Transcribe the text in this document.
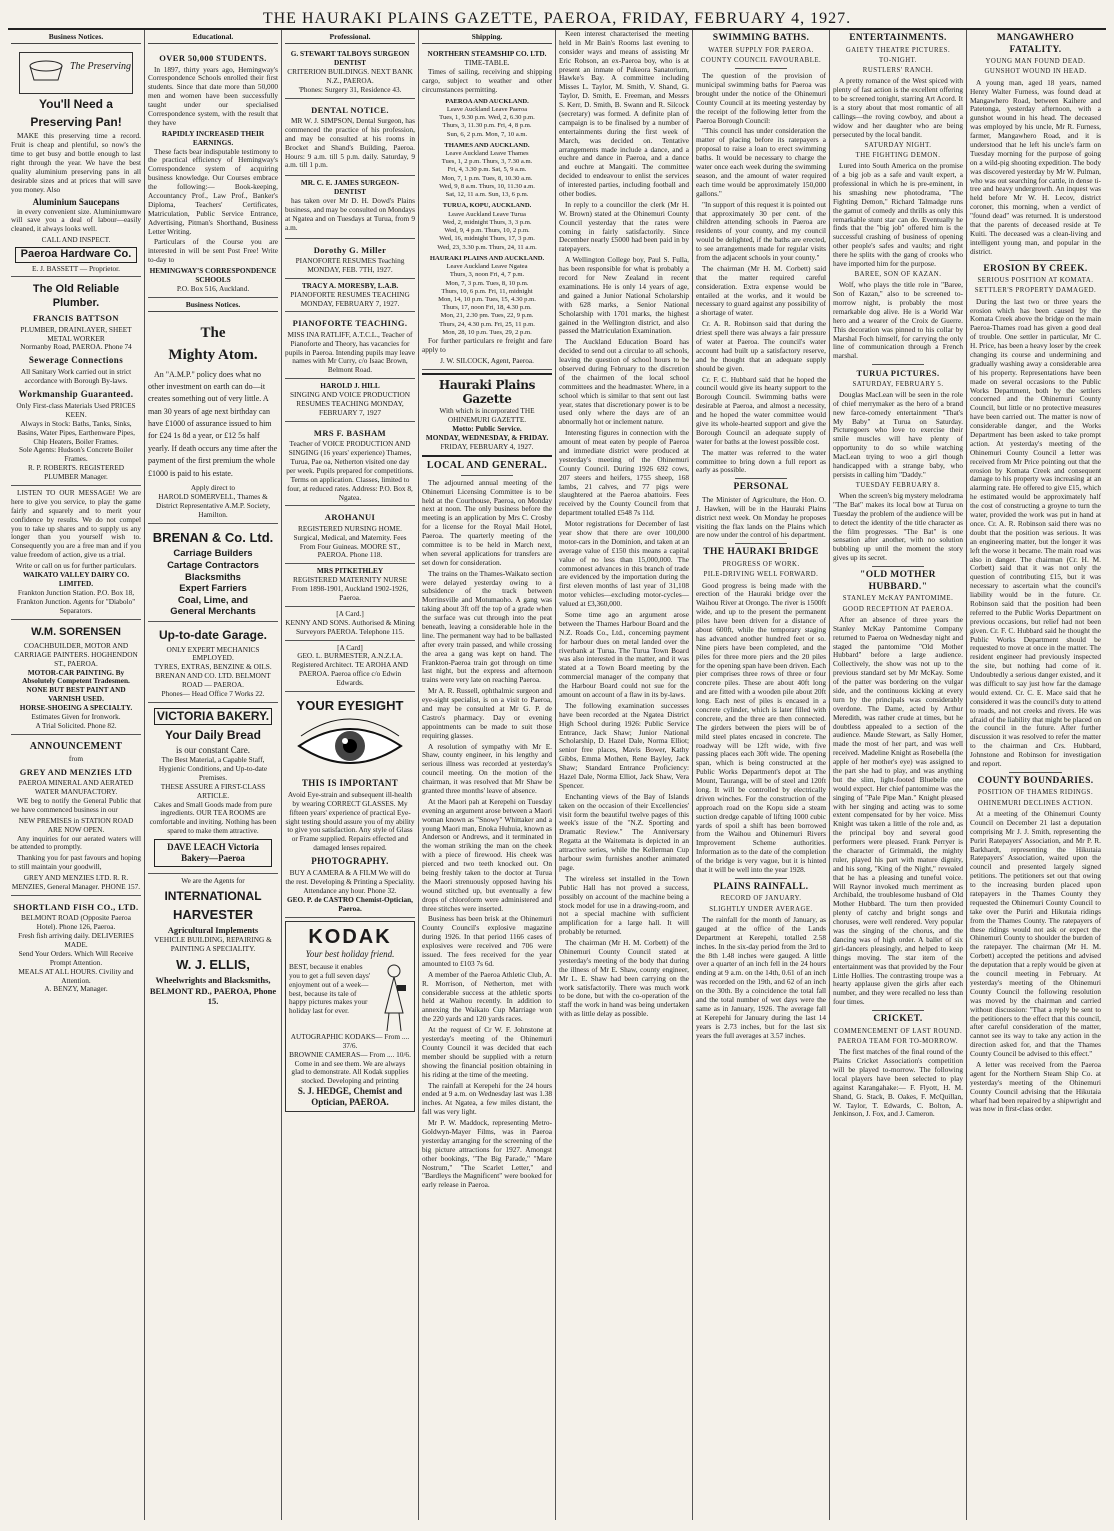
THE HAURAKI PLAINS GAZETTE, PAEROA, FRIDAY, FEBRUARY 4, 1927.
Business Notices.
The Preserving
You'll Need a
Preserving Pan!

MAKE this preserving time a record. Fruit is cheap and plentiful, so now's the time to get busy and bottle enough to last right through the year. We have the best quality aluminium preserving pans in all desirable sizes and at prices that will save you money. Also

Aluminium Saucepans

in every convenient size. Aluminiumware will save you a deal of labour—easily cleaned, it always looks well.

CALL AND INSPECT.
Paeroa Hardware Co.
E. J. BASSETT — Proprietor.
The Old Reliable Plumber.
FRANCIS BATTSON
PLUMBER, DRAINLAYER, SHEET METAL WORKER
Normanby Road, PAEROA. Phone 74
Sewerage Connections
All Sanitary Work carried out in strict accordance with Borough By-laws.
Workmanship Guaranteed.
Only First-class Materials Used PRICES KEEN.
Always in Stock: Baths, Tanks, Sinks, Basins, Water Pipes, Earthenware Pipes, Chip Heaters, Boiler Frames.
Sole Agents: Hudson's Concrete Boiler Frames.
R. P. ROBERTS. REGISTERED PLUMBER Manager.

LISTEN TO OUR MESSAGE! We are here to give you service, to play the game fairly and squarely and to merit your confidence by results. We do not compel you to take up shares and to supply us any longer than you yourself wish to. Consequently you are a free man and if you value freedom of action, give us a trial.

Write or call on us for further particulars.
WAIKATO VALLEY DAIRY CO. LIMITED.
Frankton Junction Station. P.O. Box 18, Frankton Junction. Agents for "Diabolo" Separators.
W.M. SORENSEN
COACHBUILDER, MOTOR AND CARRIAGE PAINTERS. HOGHENDON ST., PAEROA.
MOTOR-CAR PAINTING. By Absolutely Competent Tradesmen.
NONE BUT BEST PAINT AND VARNISH USED.
HORSE-SHOEING A SPECIALTY.
Estimates Given for Ironwork.
A Trial Solicited. Phone 82.
ANNOUNCEMENT
from
GREY AND MENZIES LTD
PAEROA MINERAL AND AERATED WATER MANUFACTORY.

WE beg to notify the General Public that we have commenced business in our

NEW PREMISES in STATION ROAD ARE NOW OPEN.

Any inquiries for our aerated waters will be attended to promptly.

Thanking you for past favours and hoping to still maintain your goodwill,

GREY AND MENZIES LTD. R. R. MENZIES, General Manager. PHONE 157.
SHORTLAND FISH CO., LTD.
BELMONT ROAD (Opposite Paeroa Hotel). Phone 126, Paeroa.
Fresh fish arriving daily. DELIVERIES MADE.
Send Your Orders. Which Will Receive Prompt Attention.
MEALS AT ALL HOURS. Civility and Attention.
A. BENZY, Manager.
Educational.
OVER 50,000 STUDENTS.

In 1897, thirty years ago, Hemingway's Correspondence Schools enrolled their first students. Since that date more than 50,000 men and women have been successfully taught under our specialised Correspondence system, with the result that they have

RAPIDLY INCREASED THEIR EARNINGS.

These facts bear indisputable testimony to the practical efficiency of Hemingway's Correspondence system of acquiring business knowledge. Our Courses embrace the following:— Book-keeping, Accountancy Prof., Law Prof., Banker's Diploma, Teachers' Certificates, Matriculation, Public Service Entrance, Advertising, Pitman's Shorthand, Business Letter Writing.

Particulars of the Course you are interested in will be sent Post Free! Write to-day to

HEMINGWAY'S CORRESPONDENCE SCHOOLS
P.O. Box 516, Auckland.
Business Notices.
The
Mighty Atom.

An "A.M.P." policy does what no other investment on earth can do—it creates something out of very little. A man 30 years of age next birthday can have £1000 of assurance issued to him for £24 1s 8d a year, or £12 5s half yearly. If death occurs any time after the payment of the first premium the whole £1000 is paid to his estate.

Apply direct to
HAROLD SOMERVELL, Thames & District Representative A.M.P. Society, Hamilton.
BRENAN & Co. Ltd.
Carriage Builders
Cartage Contractors
Blacksmiths
Expert Farriers
Coal, Lime, and
General Merchants
Up-to-date Garage.
ONLY EXPERT MECHANICS EMPLOYED.
TYRES, EXTRAS, BENZINE & OILS.
BRENAN AND CO. LTD. BELMONT ROAD — PAEROA.
Phones— Head Office 7 Works 22.
VICTORIA BAKERY.
Your Daily Bread
is our constant Care.
The Best Material, a Capable Staff, Hygienic Conditions, and Up-to-date Premises.
THESE ASSURE A FIRST-CLASS ARTICLE.
Cakes and Small Goods made from pure ingredients. OUR TEA ROOMS are comfortable and inviting. Nothing has been spared to make them attractive.
DAVE LEACH Victoria Bakery—Paeroa
We are the Agents for
INTERNATIONAL
HARVESTER
Agricultural Implements
VEHICLE BUILDING, REPAIRING & PAINTING A SPECIALITY.
W. J. ELLIS,
Wheelwrights and Blacksmiths,
BELMONT RD., PAEROA, Phone 15.
Professional.
G. STEWART TALBOYS SURGEON DENTIST
CRITERION BUILDINGS. NEXT BANK N.Z., PAEROA.
'Phones: Surgery 31, Residence 43.
DENTAL NOTICE.

MR W. J. SIMPSON, Dental Surgeon, has commenced the practice of his profession, and may be consulted at his rooms in Brocket and Shand's Building, Paeroa. Hours: 9 a.m. till 5 p.m. daily. Saturday, 9 a.m. till 1 p.m.

MR. C. E. JAMES SURGEON-DENTIST

has taken over Mr D. H. Dowd's Plains business, and may be consulted on Mondays at Ngatea and on Tuesdays at Turua, from 9 a.m.

Dorothy G. Miller
PIANOFORTE RESUMES Teaching MONDAY, FEB. 7TH, 1927.
TRACY A. MORESBY, L.A.B.
PIANOFORTE RESUMES TEACHING MONDAY, FEBRUARY 7, 1927.
PIANOFORTE TEACHING.
MISS INA RATLIFF, A.T.C.L., Teacher of Pianoforte and Theory, has vacancies for pupils in Paeroa. Intending pupils may leave names with Mr Curry, c/o Isaac Brown, Belmont Road.
HAROLD J. HILL
SINGING AND VOICE PRODUCTION RESUMES TEACHING MONDAY, FEBRUARY 7, 1927
MRS F. BASHAM
Teacher of VOICE PRODUCTION AND SINGING (16 years' experience) Thames, Turua, Pae oa, Netherton visited one day per week. Pupils prepared for competitions. Terms on application. Classes, limited to four, at reduced rates. Address: P.O. Box 8, Ngatea.
AROHANUI
REGISTERED NURSING HOME. Surgical, Medical, and Maternity. Fees From Four Guineas. MOORE ST., PAEROA. Phone 118.
MRS PITKETHLEY
REGISTERED MATERNITY NURSE From 1898-1901, Auckland 1902-1926, Paeroa.
[A Card.]
KENNY AND SONS. Authorised & Mining Surveyors PAEROA. Telephone 115.
[A Card]
GEO. L. BURMESTER, A.N.Z.I.A. Registered Architect. TE AROHA AND PAEROA. Paeroa office c/o Edwin Edwards.
YOUR EYESIGHT
THIS IS IMPORTANT
Avoid Eye-strain and subsequent ill-health by wearing CORRECT GLASSES. My fifteen years' experience of practical Eye-sight testing should assure you of my ability to give you satisfaction. Any style of Glass or Frame supplied. Repairs effected and damaged lenses repaired.
PHOTOGRAPHY.
BUY A CAMERA & A FILM We will do the rest. Developing & Printing a Speciality. Attendance any hour. Phone 32.
GEO. P. de CASTRO Chemist-Optician, Paeroa.
KODAK
Your best holiday friend.

BEST, because it enables you to get a full seven days' enjoyment out of a week—best, because its tale of happy pictures makes your holiday last for ever.

AUTOGRAPHIC KODAKS— From .... 37/6.
BROWNIE CAMERAS— From .... 10/6.
Come in and see them. We are always glad to demonstrate. All Kodak supplies stocked. Developing and printing
S. J. HEDGE, Chemist and Optician, PAEROA.
Shipping.
NORTHERN STEAMSHIP CO. LTD.
TIME-TABLE.

Times of sailing, receiving and shipping cargo, subject to weather and other circumstances permitting.

PAEROA AND AUCKLAND.
Leave Auckland Leave Paeroa
Tues, 1, 9.30 p.m. Wed, 2, 6.30 p.m.
Thurs, 3, 11.30 p.m. Fri, 4, 8 p.m.
Sun, 6, 2 p.m. Mon, 7, 10 a.m.
THAMES AND AUCKLAND.
Leave Auckland Leave Thames
Tues, 1, 2 p.m. Thurs, 3, 7.30 a.m.
Fri, 4, 3.30 p.m. Sat, 5, 9 a.m.
Mon, 7, 1 p.m. Tues, 8, 10.30 a.m.
Wed, 9, 8 a.m. Thurs, 10, 11.30 a.m.
Sat, 12, 11 a.m. Sun, 13, 6 p.m.
TURUA, KOPU, AUCKLAND.
Leave Auckland Leave Turua
Wed, 2, midnight Thurs, 3, 3 p.m.
Wed, 9, 4 p.m. Thurs, 10, 2 p.m.
Wed, 16, midnight Thurs, 17, 3 p.m.
Wed, 23, 3.30 p.m. Thurs, 24, 11 a.m.
HAURAKI PLAINS AND AUCKLAND.
Leave Auckland Leave Ngatea
Thurs, 3, noon Fri, 4, 7 p.m.
Mon, 7, 3 p.m. Tues, 8, 10 p.m.
Thurs, 10, 6 p.m. Fri, 11, midnight
Mon, 14, 10 p.m. Tues, 15, 4.30 p.m.
Thurs, 17, noon Fri, 18, 4.30 p.m.
Mon, 21, 2.30 pm. Tues, 22, 9 p.m.
Thurs, 24, 4.30 p.m. Fri, 25, 11 p.m.
Mon, 28, 10 p.m. Tues, 29, 2 p.m.

For further particulars re freight and fare apply to

J. W. SILCOCK, Agent, Paeroa.
Hauraki Plains Gazette
With which is incorporated THE OHINEMURI GAZETTE.
Motto: Public Service.
MONDAY, WEDNESDAY, & FRIDAY.
FRIDAY, FEBRUARY 4, 1927.
LOCAL AND GENERAL.

The adjourned annual meeting of the Ohinemuri Licensing Committee is to be held at the Courthouse, Paeroa, on Monday next at noon. The only business before the meeting is an application by Mrs C. Crosby for a license for the Royal Mail Hotel, Paeroa. The quarterly meeting of the committee is to be held in March next, when several applications for transfers are set down for consideration.

The trains on the Thames-Waikato section were delayed yesterday owing to a subsidence of the track between Morrinsville and Motumaoho. A gang was taking about 3ft off the top of a grade when the surface was cut through into the peat beneath, leaving a considerable hole in the line. The permanent way had to be ballasted after every train passed, and while crossing the area a gang was kept on hand. The Frankton-Paeroa train got through on time last night, but the express and afternoon trains were very late on reaching Paeroa.

Mr A. R. Russell, ophthalmic surgeon and eye-sight specialist, is on a visit to Paeroa, and may be consulted at Mr G. P. de Castro's pharmacy. Day or evening appointments can be made to suit those requiring glasses.

A resolution of sympathy with Mr E. Shaw, county engineer, in his lengthy and serious illness was recorded at yesterday's council meeting. On the motion of the chairman, it was resolved that Mr Shaw be granted three months' leave of absence.

At the Maori pah at Kerepehi on Tuesday evening an argument arose between a Maori woman known as "Snowy" Whittaker and a young Maori man, Enoka Huhuia, known as Anderson or Andrews, and it terminated in the woman striking the man on the cheek with a piece of firewood. His cheek was pierced and two teeth knocked out. On being freshly taken to the doctor at Turua the Maori strenuously opposed having his wound stitched up, but eventually a few drops of chloroform were administered and three stitches were inserted.

Business has been brisk at the Ohinemuri County Council's explosive magazine during 1926. In that period 1166 cases of explosives were received and 706 were issued. The fees received for the year amounted to £103 7s 6d.

A member of the Paeroa Athletic Club, A. R. Morrison, of Netherton, met with considerable success at the athletic sports held at Waihou recently. In addition to annexing the Waikato Cup Marriage won the 220 yards and 120 yards races.

At the request of Cr W. F. Johnstone at yesterday's meeting of the Ohinemuri County Council it was decided that each member should be supplied with a return showing the financial position obtaining in his riding at the time of the meeting.

The rainfall at Kerepehi for the 24 hours ended at 9 a.m. on Wednesday last was 1.38 inches. At Ngatea, a few miles distant, the fall was very light.

Mr P. W. Maddock, representing Metro-Goldwyn-Mayer Films, was in Paeroa yesterday arranging for the screening of the big picture attractions for 1927. Amongst other bookings, "The Big Parade," "Mare Nostrum," "The Scarlet Letter," and "Bardleys the Magnificent" were booked for early release in Paeroa.

Keen interest characterised the meeting held in Mr Bain's Rooms last evening to consider ways and means of assisting Mr Eric Robson, an ex-Paeroa boy, who is at present an inmate of Pukeora Sanatorium, Hawke's Bay. A committee including Misses L. Taylor, M. Smith, V. Shand, G. Taylor, D. Smith, E. Freeman, and Messrs S. Kerr, D. Smith, B. Swann and R. Silcock (secretary) was formed. A definite plan of campaign is to be finalised by a number of entertainments during the first week of March, was decided on. Tentative arrangements made include a dance, and a euchre and dance in Paeroa, and a dance and euchre at Mangaiti. The committee decided to endeavour to enlist the services of interested parties, including football and other bodies.

In reply to a councillor the clerk (Mr H. W. Brown) stated at the Ohinemuri County Council yesterday that the rates were coming in fairly satisfactorily. Since December nearly £5000 had been paid in by ratepayers.

A Wellington College boy, Paul S. Fulla, has been responsible for what is probably a record for New Zealand in recent examinations. He is only 14 years of age, and gained a Junior National Scholarship with 628 marks, a Senior National Scholarship with 1701 marks, the highest gained in the Wellington district, and also passed the Matriculation Examination.

The Auckland Education Board has decided to send out a circular to all schools, leaving the question of school hours to be observed during February to the discretion of the chairmen of the local school committees and the headmaster. Where, in a school which is similar to that sent out last year, states that discretionary power is to be used only where the days are of an abnormally hot or inclement nature.

Interesting figures in connection with the amount of meat eaten by people of Paeroa and immediate district were produced at yesterday's meeting of the Ohinemuri County Council. During 1926 692 cows, 207 steers and heifers, 1755 sheep, 168 lambs, 21 calves, and 77 pigs were slaughtered at the Paeroa abattoirs. Fees received by the County Council from that department totalled £548 7s 11d.

Motor registrations for December of last year show that there are over 100,000 motor-cars in the Dominion, and taken at an average value of £150 this means a capital value of no less than 15,000,000. The commonest advances in this branch of trade are evidenced by the importation during the first eleven months of last year of 31,108 motor vehicles—excluding motor-cycles—valued at £3,360,000.

Some time ago an argument arose between the Thames Harbour Board and the N.Z. Roads Co., Ltd., concerning payment for harbour dues on metal landed over the riverbank at Turua. The Turua Town Board was also interested in the matter, and it was stated at a Town Board meeting by the commercial manager of the company that the Harbour Board could not sue for the amount on account of a flaw in its by-laws.

The following examination successes have been recorded at the Ngatea District High School during 1926: Public Service Entrance, Jack Shaw; Junior National Scholarship, D. Hazel Dale, Norma Elliot; senior free places, Mavis Bower, Kathy Gibbs, Emma Mothen, Rene Bayley, Jack Shaw; Standard Entrance Proficiency: Hazel Dale, Norma Elliot, Jack Shaw, Vera Spencer.

Enchanting views of the Bay of Islands taken on the occasion of their Excellencies' visit form the beautiful twelve pages of this week's issue of the "N.Z. Sporting and Dramatic Review." The Anniversary Regatta at the Waitemata is depicted in an attractive series, while the Kellerman Cup harbour swim furnishes another animated page.

The wireless set installed in the Town Public Hall has not proved a success, possibly on account of the machine being a stock model for use in a drawing-room, and not a special machine with sufficient amplification for a large hall. It will probably be returned.

The chairman (Mr H. M. Corbett) of the Ohinemuri County Council stated at yesterday's meeting of the body that during the illness of Mr E. Shaw, county engineer, Mr L. E. Shaw had been carrying on the work satisfactorily. There was much work to be done, but with the co-operation of the staff the work in hand was being undertaken with as little delay as possible.

SWIMMING BATHS.
WATER SUPPLY FOR PAEROA.
COUNTY COUNCIL FAVOURABLE.

The question of the provision of municipal swimming baths for Paeroa was brought under the notice of the Ohinemuri County Council at its meeting yesterday by the receipt of the following letter from the Paeroa Borough Council:

"This council has under consideration the matter of placing before its ratepayers a proposal to raise a loan to erect swimming baths. It would be necessary to charge the water once each week during the swimming season, and the amount of water required each time would be approximately 150,000 gallons."

"In support of this request it is pointed out that approximately 30 per cent. of the children attending schools in Paeroa are residents of your county, and my council would be delighted, if the baths are erected, to see arrangements made for regular visits from the adjacent schools in your county."

The chairman (Mr H. M. Corbett) said that the matter required careful consideration. Extra expense would be entailed at the works, and it would be necessary to guard against any possibility of a shortage of water.

Cr. A. R. Robinson said that during the driest spell there was always a fair pressure of water at Paeroa. The council's water account had built up a satisfactory reserve, and he thought that an adequate supply should be given.

Cr. F. C. Hubbard said that he hoped the council would give its hearty support to the Borough Council. Swimming baths were desirable at Paeroa, and almost a necessity, and he hoped the water committee would give its whole-hearted support and give the Borough Council an adequate supply of water for baths at the lowest possible cost.

The matter was referred to the water committee to bring down a full report as early as possible.

PERSONAL

The Minister of Agriculture, the Hon. O. J. Hawken, will be in the Hauraki Plains district next week. On Monday he proposes visiting the flax lands on the Plains which are now under the control of his department.

THE HAURAKI BRIDGE
PROGRESS OF WORK.
PILE-DRIVING WELL FORWARD.

Good progress is being made with the erection of the Hauraki bridge over the Waihou River at Orongo. The river is 1500ft wide, and up to the present the permanent piles have been driven for a distance of about 600ft, while the temporary staging has advanced another hundred feet or so. Nine piers have been completed, and the piles for three more piers and the 20 piles for the opening span have been driven. Each pier comprises three rows of three or four concrete piles. These are about 40ft long and are fitted with a wooden pile about 20ft long. Each nest of piles is encased in a concrete cylinder, which is later filled with concrete, and the three are then connected. The girders between the piers will be of mild steel plates encased in concrete. The roadway will be 12ft wide, with five passing places each 30ft wide. The opening span, which is being constructed at the Public Works Department's depot at The Mount, Tauranga, will be of steel and 120ft long. It will be controlled by electrically driven winches. For the construction of the approach road on the Kopu side a steam suction dredge capable of lifting 1000 cubic yards of spoil a shift has been borrowed from the Waihou and Ohinemuri Rivers Improvement Scheme authorities. Information as to the date of the completion of the bridge is very vague, but it is hinted that it will be well into the year 1928.

PLAINS RAINFALL.
RECORD OF JANUARY.
SLIGHTLY UNDER AVERAGE.

The rainfall for the month of January, as gauged at the office of the Lands Department at Kerepehi, totalled 2.58 inches. In the six-day period from the 3rd to the 8th 1.48 inches were gauged. A little over a quarter of an inch fell in the 24 hours ending at 9 a.m. on the 14th, 0.61 of an inch was recorded on the 19th, and 62 of an inch on the 30th. By a coincidence the total fall and the total number of wet days were the same as in January, 1926. The average fall at Kerepehi for January during the last 14 years is 2.73 inches, but for the last six years the full averages at 3.57 inches.

ENTERTAINMENTS.
GAIETY THEATRE PICTURES.
TO-NIGHT.
RUSTLERS' RANCH.

A pretty romance of the West spiced with plenty of fast action is the excellent offering to be screened tonight, starring Art Acord. It is a story about that most romantic of all callings—the roving cowboy, and about a widow and her daughter who are being persecuted by the local bandit.

SATURDAY NIGHT.
THE FIGHTING DEMON.

Lured into South America on the promise of a big job as a safe and vault expert, a professional in which he is pre-eminent, in his smashing new photodrama, "The Fighting Demon," Richard Talmadge runs the gamut of comedy and thrills as only this remarkable stunt star can do. Eventually he finds that the "big job" offered him is the successful crashing of business of opening other people's safes and vaults; and right there he splits with the gang of crooks who have imported him for the purpose.

BAREE, SON OF KAZAN.

Wolf, who plays the title role in "Baree, Son of Kazan," also to be screened to-morrow night, is probably the most remarkable dog alive. He is a World War hero and a wearer of the Croix de Guerre. This decoration was pinned to his collar by Marshal Foch himself, for carrying the only line of communication through a French marshal.

TURUA PICTURES.
SATURDAY, FEBRUARY 5.

Douglas MacLean will be seen in the role of chief merrymaker as the hero of a brand new farce-comedy entertainment "That's My Baby" at Turua on Saturday. Picturegoers who love to exercise their smile muscles will have plenty of opportunity to do so while watching MacLean trying to woo a girl though handicapped with a strange baby, who persists in calling him "Daddy."

TUESDAY FEBRUARY 8.

When the screen's big mystery melodrama "The Bat" makes its local bow at Turua on Tuesday the problem of the audience will be to detect the identity of the title character as the film progresses. "The Bat" is one sensation after another, with no solution bubbling up until the moment the story gives up its secret.

"OLD MOTHER HUBBARD."
STANLEY McKAY PANTOMIME.
GOOD RECEPTION AT PAEROA.

After an absence of three years the Stanley McKay Pantomime Company returned to Paeroa on Wednesday night and staged the pantomime "Old Mother Hubbard" before a large audience. Collectively, the show was not up to the previous standard set by Mr McKay. Some of the patter was bordering on the vulgar side, and the continuous kicking at every turn by the principals was considerably overdone. The Dame, acted by Arthur Meredith, was rather crude at times, but he doubtless appealed to a section of the audience. Maude Stewart, as Sally Homer, made the most of her part, and was well received. Madeline Knight as Rosebella (the apple of her mother's eye) was assigned to the part she had to play, and was anything but the slim, light-footed Bluebelle one would expect. Her chief pantomime was the singing of "Pale Pipe Man." Knight pleased with her singing and acting was to some extent compensated for by her voice. Miss Knight was taken a little of the role and, as the principal boy and several good performers were pleased. Frank Perryer is the character of Grimmaldi, the mighty ruler, played his part with mature dignity, and his song, "King of the Night," revealed that he has a pleasing and tuneful voice. Will Raynor invoked much merriment as Archibald, the troublesome husband of Old Mother Hubbard. The turn then provided plenty of catchy and bright songs and choruses, were well rendered. Very popular was the singing of the chorus, and the dancing was of high order. A ballet of six girl-dancers pleasingly, and helped to keep things moving. The star item of the entertainment was that provided by the Four Little Hollies. The contrasting troupe was a hearty applause given the girls after each number, and they were recalled no less than four times.

CRICKET.
COMMENCEMENT OF LAST ROUND.
PAEROA TEAM FOR TO-MORROW.

The first matches of the final round of the Plains Cricket Association's competition will be played to-morrow. The following local players have been selected to play against Karangahake:— F. Flyott, H. M. Shand, G. Stack, B. Oakes, F. McQuillan, W. Taylor, T. Edwards, C. Bolton, A. Jenkinson, J. Fox, and J. Cameron.

MANGAWHERO FATALITY.
YOUNG MAN FOUND DEAD.
GUNSHOT WOUND IN HEAD.

A young man, aged 18 years, named Henry Walter Furness, was found dead at Mangawhero Road, between Kaihere and Patetonga, yesterday afternoon, with a gunshot wound in his head. The deceased was employed by his uncle, Mr R. Furness, farmer, Mangawhero Road, and it is understood that he left his uncle's farm on Tuesday morning for the purpose of going on a wild-pig shooting expedition. The body was discovered yesterday by Mr W. Pulman, who was out searching for cattle, in dense ti-tree and heavy undergrowth. An inquest was held before Mr W. H. Lecov, district coroner, this morning, when a verdict of "found dead" was returned. It is understood that the parents of deceased reside at Te Kuiti. The deceased was a clean-living and intelligent young man, and popular in the district.

EROSION BY CREEK.
SERIOUS POSITION AT KOMATA.
SETTLER'S PROPERTY DAMAGED.

During the last two or three years the erosion which has been caused by the Komata Creek above the bridge on the main Paeroa-Thames road has given a good deal of trouble. One settler in particular, Mr C. H. Price, has been a heavy loser by the creek changing its course and undermining and gradually washing away a considerable area of his property. Representations have been made on several occasions to the Public Works Department, both by the settlers concerned and the Ohinemuri County Council, but little or no protective measures have been carried out. The matter is now of considerable danger, and the Works Department has been asked to take prompt action. At yesterday's meeting of the Ohinemuri County Council a letter was received from Mr Price pointing out that the erosion by Komata Creek and consequent damage to his property was increasing at an alarming rate. He offered to give £15, which he estimated would be approximately half the cost of constructing a groyne to turn the water, provided the work was put in hand at once. Cr. A. R. Robinson said there was no doubt that the position was serious. It was an engineering matter, but the longer it was left the worse it became. The main road was also in danger. The chairman (Cr. H. M. Corbett) said that it was not only the question of contributing £15, but it was necessary to ascertain what the council's liability would be in the future. Cr. Robinson said that the position had been referred to the Public Works Department on previous occasions, but relief had not been given. Cr. F. C. Hubbard said he thought the Public Works Department should be requested to move at once in the matter. The resident engineer had previously inspected the site, but nothing had come of it. Undoubtedly a serious danger existed, and it was difficult to say just how far the damage would extend. Cr. C. E. Mace said that he considered it was the council's duty to attend to roads, and not creeks and rivers. He was afraid of the liability that might be placed on the council in the future. After further discussion it was resolved to refer the matter to the chairman and Crs. Hubbard, Johnstone and Robinson for investigation and report.

COUNTY BOUNDARIES.
POSITION OF THAMES RIDINGS.
OHINEMURI DECLINES ACTION.

At a meeting of the Ohinemuri County Council on December 21 last a deputation comprising Mr J. J. Smith, representing the Puriri Ratepayers' Association, and Mr P. R. Barkhardt, representing the Hikutaia Ratepayers' Association, waited upon the council and presented largely signed petitions. The petitioners set out that owing to the increasing burden placed upon ratepayers in the Thames County they requested the Ohinemuri County Council to take over the Puriri and Hikutaia ridings from the Thames County. The ratepayers of these ridings would not ask or expect the Ohinemuri County to shoulder the burden of the ratepayer. The chairman (Mr H. M. Corbett) accepted the petitions and advised the deputation that a reply would be given at the council meeting in February. At yesterday's meeting of the Ohinemuri County Council the following resolution was moved by the chairman and carried without discussion: "That a reply be sent to the petitioners to the effect that this council, after careful consideration of the matter, cannot see its way to take any action in the direction asked for, and that the Thames County Council be advised to this effect."

A letter was received from the Paeroa agent for the Northern Steam Ship Co. at yesterday's meeting of the Ohinemuri County Council advising that the Hikutaia wharf had been repaired by a shipwright and was now in first-class order.
